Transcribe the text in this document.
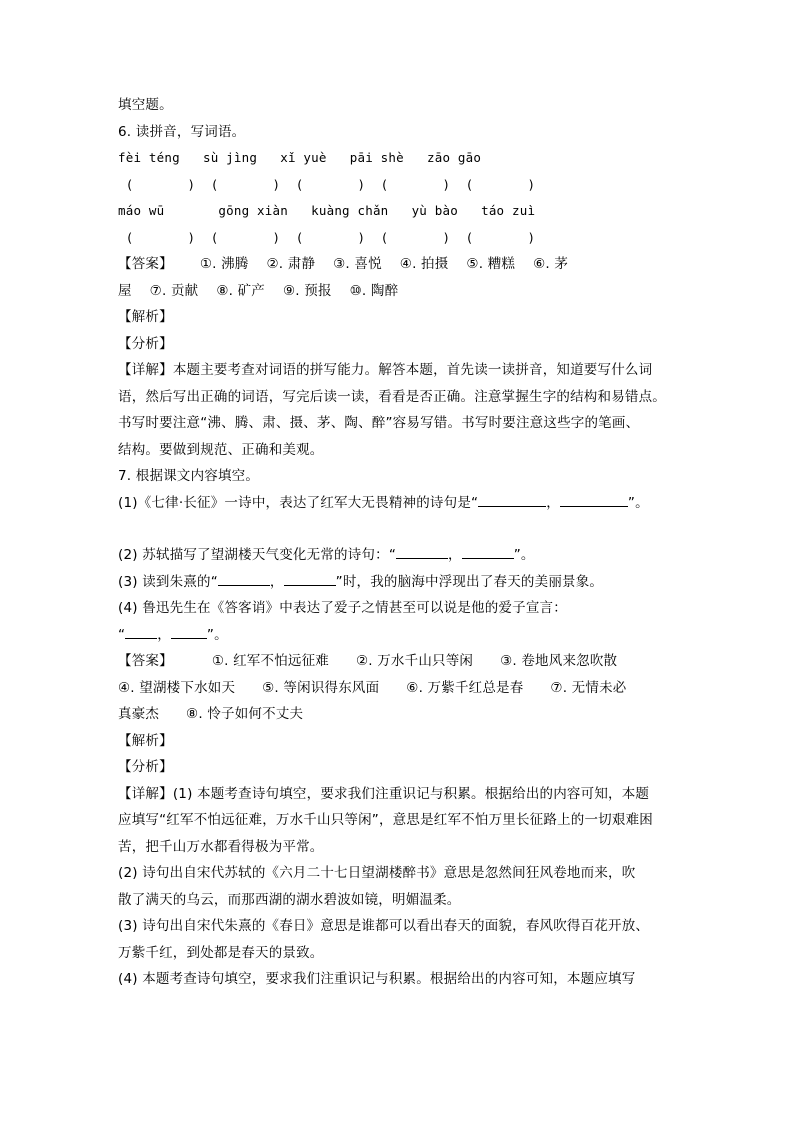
填空题。
6. 读拼音，写词语。
fèi téng   sù jìng   xǐ yuè   pāi shè   zāo gāo
(       )  (       )  (       )  (       )  (       )
máo wū       gōng xiàn   kuàng chǎn   yù bào   táo zuì
(       )  (       )  (       )  (       )  (       )
【答案】 ①. 沸腾    ②. 肃静    ③. 喜悦    ④. 拍摄    ⑤. 糟糕    ⑥. 茅
屋    ⑦. 贡献    ⑧. 矿产    ⑨. 预报    ⑩. 陶醉
【解析】
【分析】
【详解】本题主要考查对词语的拼写能力。解答本题，首先读一读拼音，知道要写什么词
语，然后写出正确的词语，写完后读一读，看看是否正确。注意掌握生字的结构和易错点。
书写时要注意“沸、腾、肃、摄、茅、陶、醉”容易写错。书写时要注意这些字的笔画、
结构。要做到规范、正确和美观。
7. 根据课文内容填空。
(1)《七律·长征》一诗中，表达了红军大无畏精神的诗句是“	，	”。
(2) 苏轼描写了望湖楼天气变化无常的诗句：“	，	”。
(3) 读到朱熹的“	，	”时，我的脑海中浮现出了春天的美丽景象。
(4) 鲁迅先生在《答客诮》中表达了爱子之情甚至可以说是他的爱子宣言：
“ ，	”。
【答案】	①. 红军不怕远征难      ②. 万水千山只等闲      ③. 卷地风来忽吹散
④. 望湖楼下水如天      ⑤. 等闲识得东风面      ⑥. 万紫千红总是春      ⑦. 无情未必
真豪杰      ⑧. 怜子如何不丈夫
【解析】
【分析】
【详解】(1) 本题考查诗句填空，要求我们注重识记与积累。根据给出的内容可知，本题
应填写“红军不怕远征难，万水千山只等闲”，意思是红军不怕万里长征路上的一切艰难困
苦，把千山万水都看得极为平常。
(2) 诗句出自宋代苏轼的《六月二十七日望湖楼醉书》意思是忽然间狂风卷地而来，吹
散了满天的乌云，而那西湖的湖水碧波如镜，明媚温柔。
(3) 诗句出自宋代朱熹的《春日》意思是谁都可以看出春天的面貌，春风吹得百花开放、
万紫千红，到处都是春天的景致。
(4) 本题考查诗句填空，要求我们注重识记与积累。根据给出的内容可知，本题应填写
